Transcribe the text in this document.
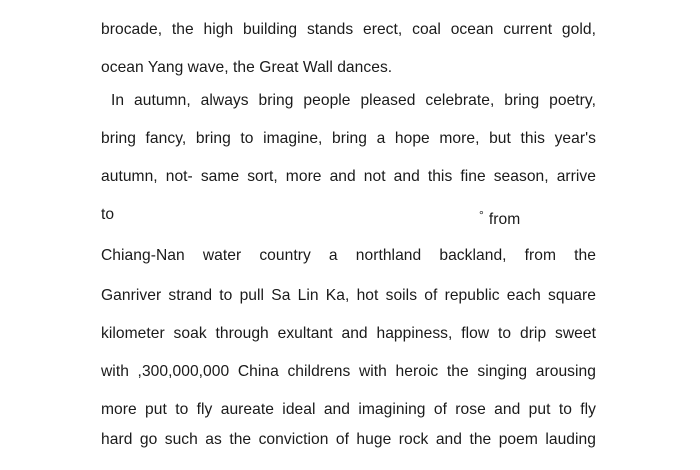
brocade, the high building stands erect, coal ocean current gold,
ocean Yang wave, the Great Wall dances.
In autumn, always bring people pleased celebrate, bring poetry,
bring fancy, bring to imagine, bring a hope more, but this year's
autumn, not- same sort, more and not and this fine season, arrive
to	° from
Chiang-Nan water country a northland backland, from the
Ganriver strand to pull Sa Lin Ka, hot soils of republic each square
kilometer soak through exultant and happiness, flow to drip sweet
with ,300,000,000 China childrens with heroic the singing arousing
more put to fly aureate ideal and imagining of rose and put to fly
hard go such as the conviction of huge rock and the poem lauding
